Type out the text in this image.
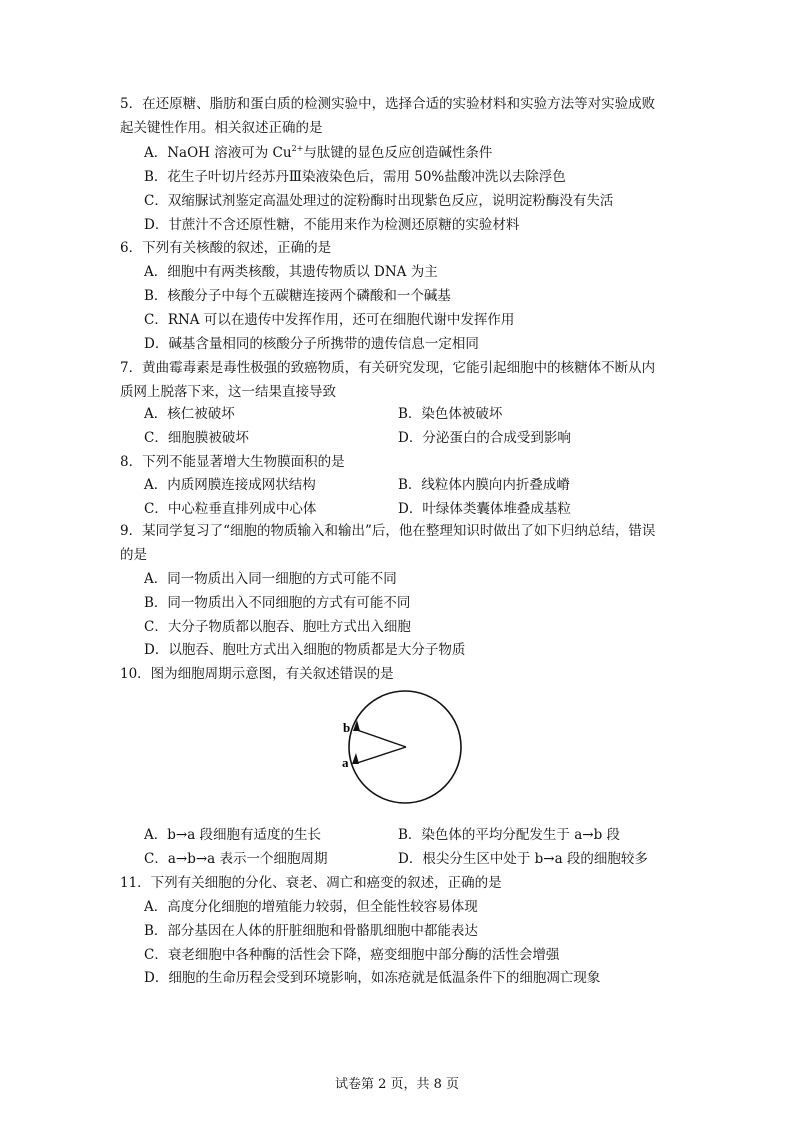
5．在还原糖、脂肪和蛋白质的检测实验中，选择合适的实验材料和实验方法等对实验成败
起关键性作用。相关叙述正确的是
A．NaOH 溶液可为 $Cu^{2+}$与肽键的显色反应创造碱性条件
B．花生子叶切片经苏丹Ⅲ染液染色后，需用 50%盐酸冲洗以去除浮色
C．双缩脲试剂鉴定高温处理过的淀粉酶时出现紫色反应，说明淀粉酶没有失活
D．甘蔗汁不含还原性糖，不能用来作为检测还原糖的实验材料
6．下列有关核酸的叙述，正确的是
A．细胞中有两类核酸，其遗传物质以 DNA 为主
B．核酸分子中每个五碳糖连接两个磷酸和一个碱基
C．RNA 可以在遗传中发挥作用，还可在细胞代谢中发挥作用
D．碱基含量相同的核酸分子所携带的遗传信息一定相同
7．黄曲霉毒素是毒性极强的致癌物质，有关研究发现，它能引起细胞中的核糖体不断从内
质网上脱落下来，这一结果直接导致
A．核仁被破坏	B．染色体被破坏
C．细胞膜被破坏	D．分泌蛋白的合成受到影响
8．下列不能显著增大生物膜面积的是
A．内质网膜连接成网状结构	B．线粒体内膜向内折叠成嵴
C．中心粒垂直排列成中心体	D．叶绿体类囊体堆叠成基粒
9．某同学复习了“细胞的物质输入和输出”后，他在整理知识时做出了如下归纳总结，错误
的是
A．同一物质出入同一细胞的方式可能不同
B．同一物质出入不同细胞的方式有可能不同
C．大分子物质都以胞吞、胞吐方式出入细胞
D．以胞吞、胞吐方式出入细胞的物质都是大分子物质
10．图为细胞周期示意图，有关叙述错误的是
b
a
A．b→a 段细胞有适度的生长	B．染色体的平均分配发生于 a→b 段
C．a→b→a 表示一个细胞周期	D．根尖分生区中处于 b→a 段的细胞较多
11．下列有关细胞的分化、衰老、凋亡和癌变的叙述，正确的是
A．高度分化细胞的增殖能力较弱，但全能性较容易体现
B．部分基因在人体的肝脏细胞和骨骼肌细胞中都能表达
C．衰老细胞中各种酶的活性会下降，癌变细胞中部分酶的活性会增强
D．细胞的生命历程会受到环境影响，如冻疮就是低温条件下的细胞凋亡现象
试卷第 2 页，共 8 页
